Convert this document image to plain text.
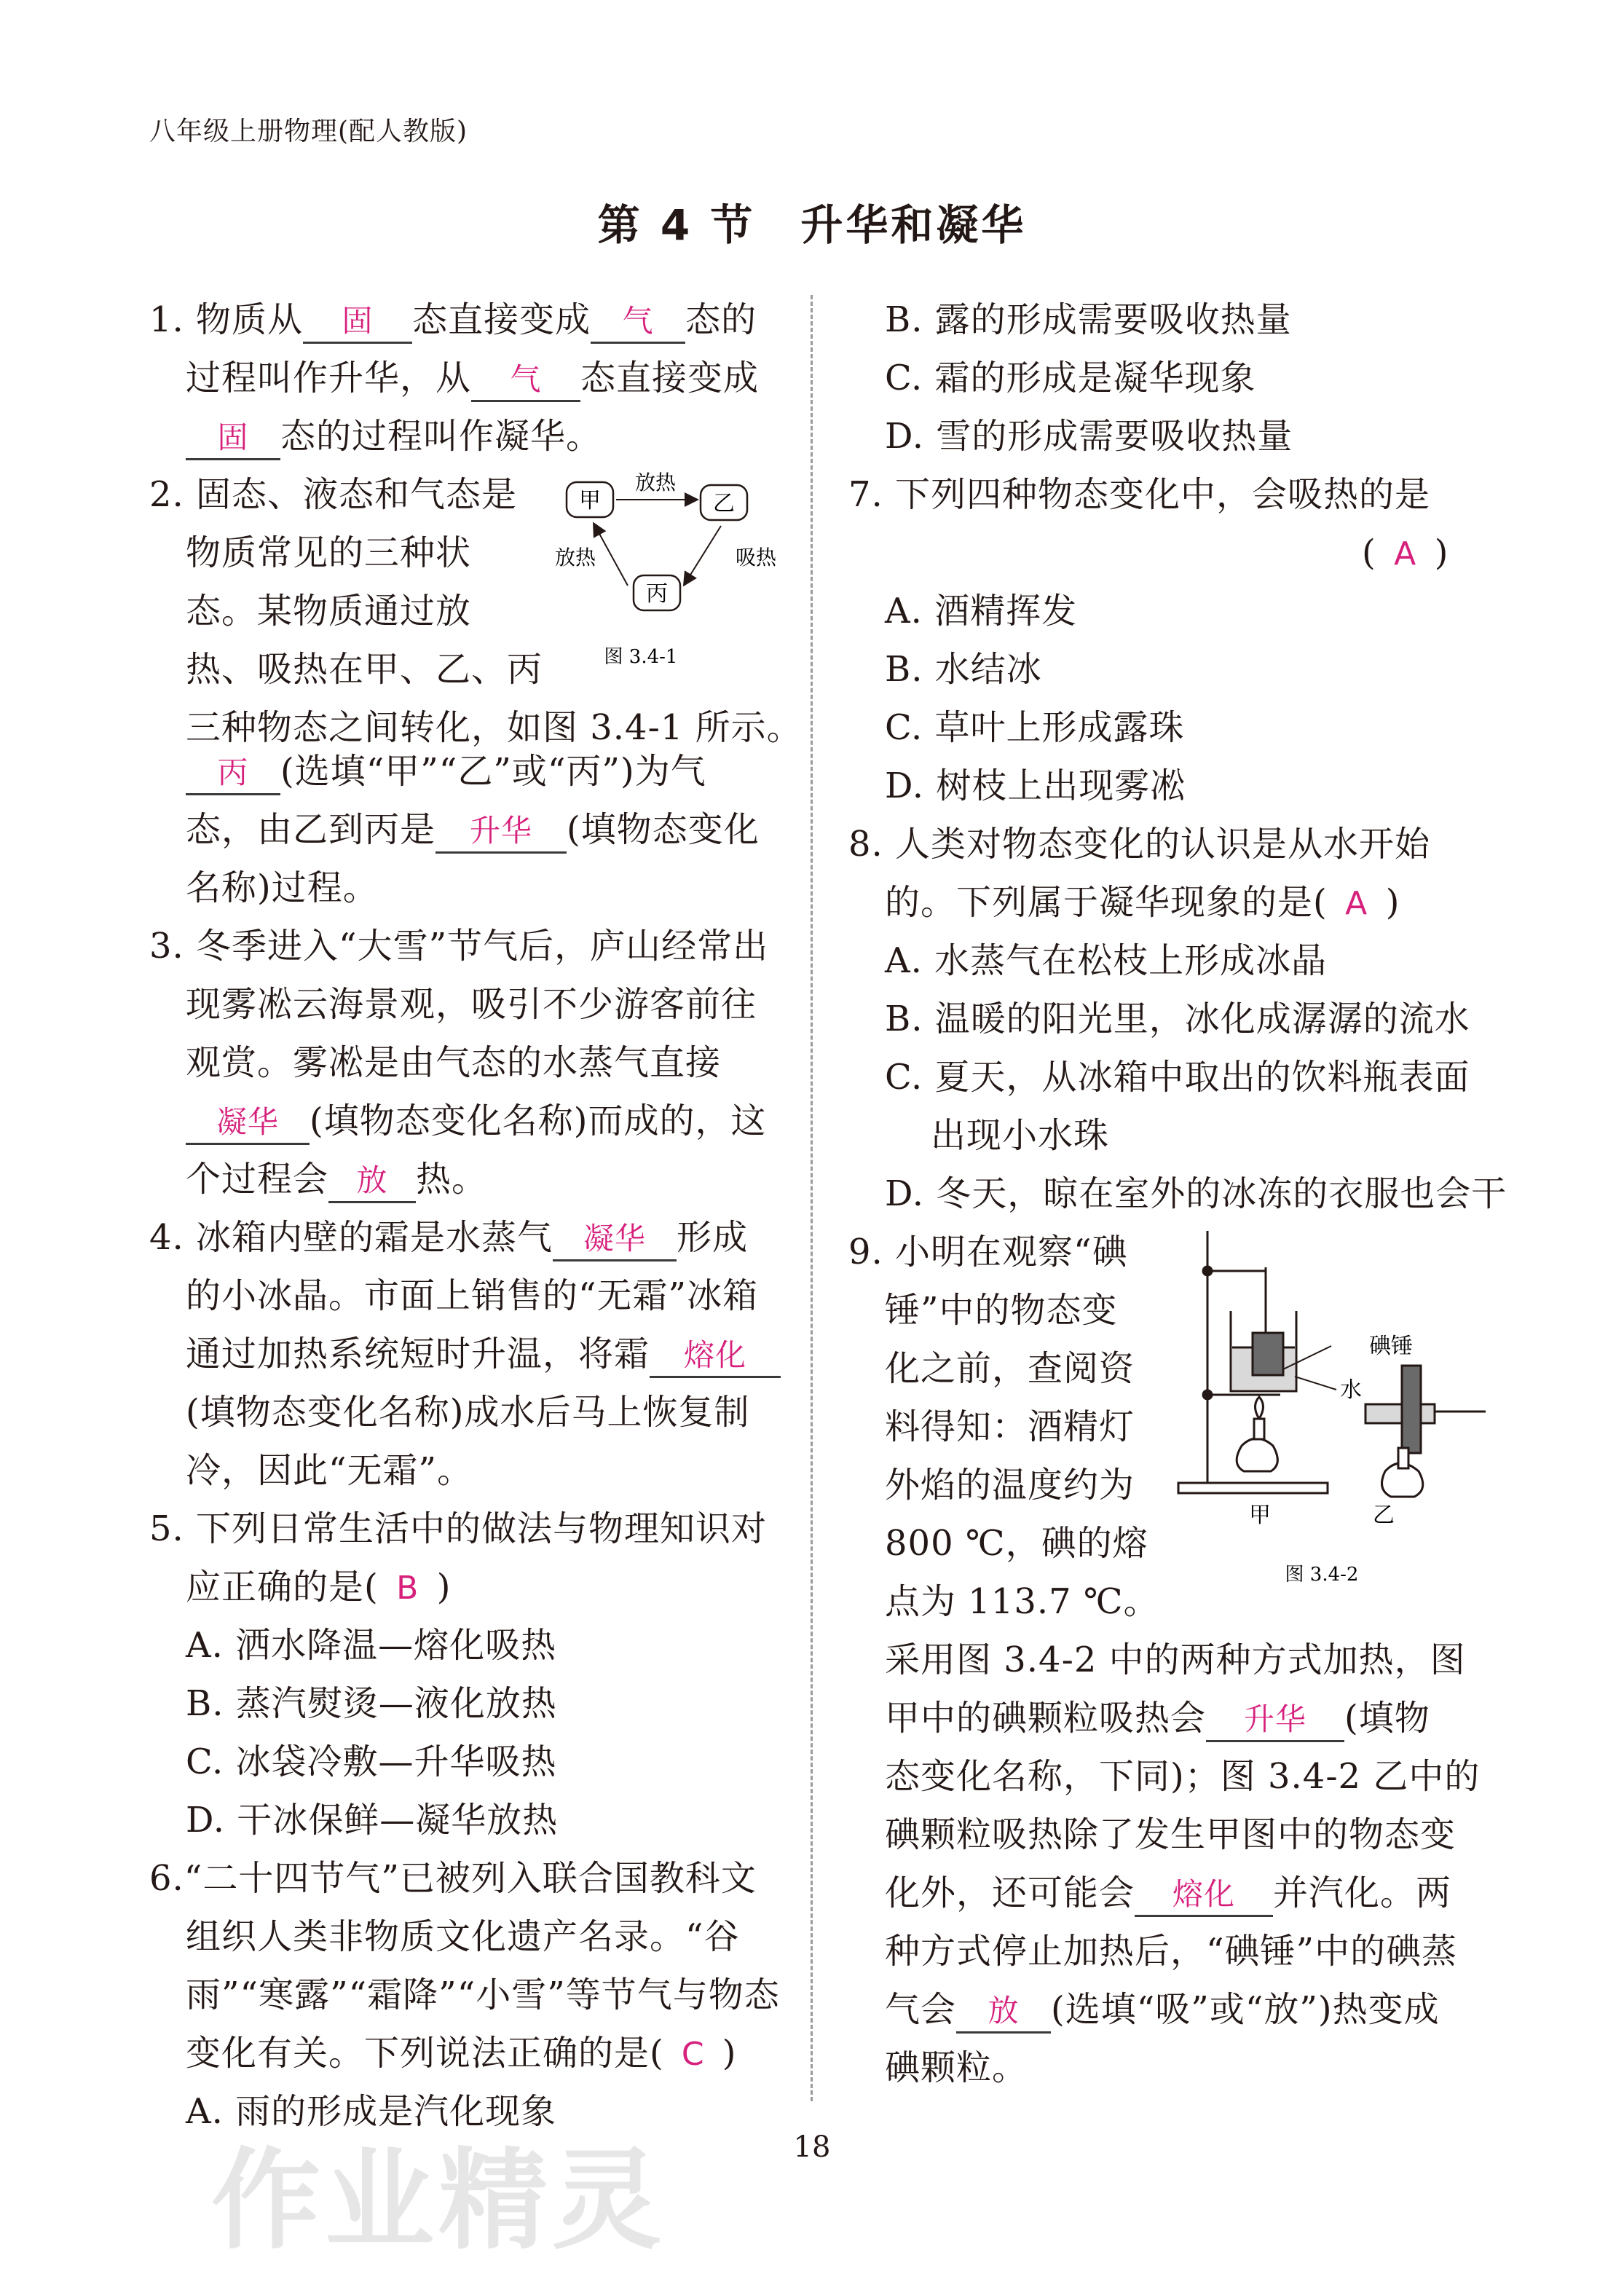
八年级上册物理(配人教版)
第 4 节　升华和凝华
1. 物质从 固 态直接变成 气 态的
过程叫作升华，从 气 态直接变成
固 态的过程叫作凝华。
2. 固态、液态和气态是
物质常见的三种状
态。某物质通过放
热、吸热在甲、乙、丙
三种物态之间转化，如图 3.4-1 所示。
丙 (选填“甲”“乙”或“丙”)为气
态，由乙到丙是 升华 (填物态变化
名称)过程。
甲	乙
丙
放热
吸热
放热
图 3.4-1
3. 冬季进入“大雪”节气后，庐山经常出
现雾凇云海景观，吸引不少游客前往
观赏。雾凇是由气态的水蒸气直接
凝华 (填物态变化名称)而成的，这
个过程会 放 热。
4. 冰箱内壁的霜是水蒸气 凝华 形成
的小冰晶。市面上销售的“无霜”冰箱
通过加热系统短时升温，将霜 熔化
(填物态变化名称)成水后马上恢复制
冷，因此“无霜”。
5. 下列日常生活中的做法与物理知识对
应正确的是( B )
A. 洒水降温—熔化吸热
B. 蒸汽熨烫—液化放热
C. 冰袋冷敷—升华吸热
D. 干冰保鲜—凝华放热
6.“二十四节气”已被列入联合国教科文
组织人类非物质文化遗产名录。“谷
雨”“寒露”“霜降”“小雪”等节气与物态
变化有关。下列说法正确的是( C )
A. 雨的形成是汽化现象
B. 露的形成需要吸收热量
C. 霜的形成是凝华现象
D. 雪的形成需要吸收热量
7. 下列四种物态变化中，会吸热的是
( A )
A. 酒精挥发
B. 水结冰
C. 草叶上形成露珠
D. 树枝上出现雾凇
8. 人类对物态变化的认识是从水开始
的。下列属于凝华现象的是( A )
A. 水蒸气在松枝上形成冰晶
B. 温暖的阳光里，冰化成潺潺的流水
C. 夏天，从冰箱中取出的饮料瓶表面
出现小水珠
D. 冬天，晾在室外的冰冻的衣服也会干
9. 小明在观察“碘
锤”中的物态变
化之前，查阅资
料得知：酒精灯
外焰的温度约为
800 ℃，碘的熔
点为 113.7 ℃。
采用图 3.4-2 中的两种方式加热，图
甲中的碘颗粒吸热会 升华 (填物
态变化名称，下同)；图 3.4-2 乙中的
碘颗粒吸热除了发生甲图中的物态变
化外，还可能会 熔化 并汽化。两
种方式停止加热后，“碘锤”中的碘蒸
气会 放 (选填“吸”或“放”)热变成
碘颗粒。
碘锤
水
甲	乙
图 3.4-2
18
作业精灵
